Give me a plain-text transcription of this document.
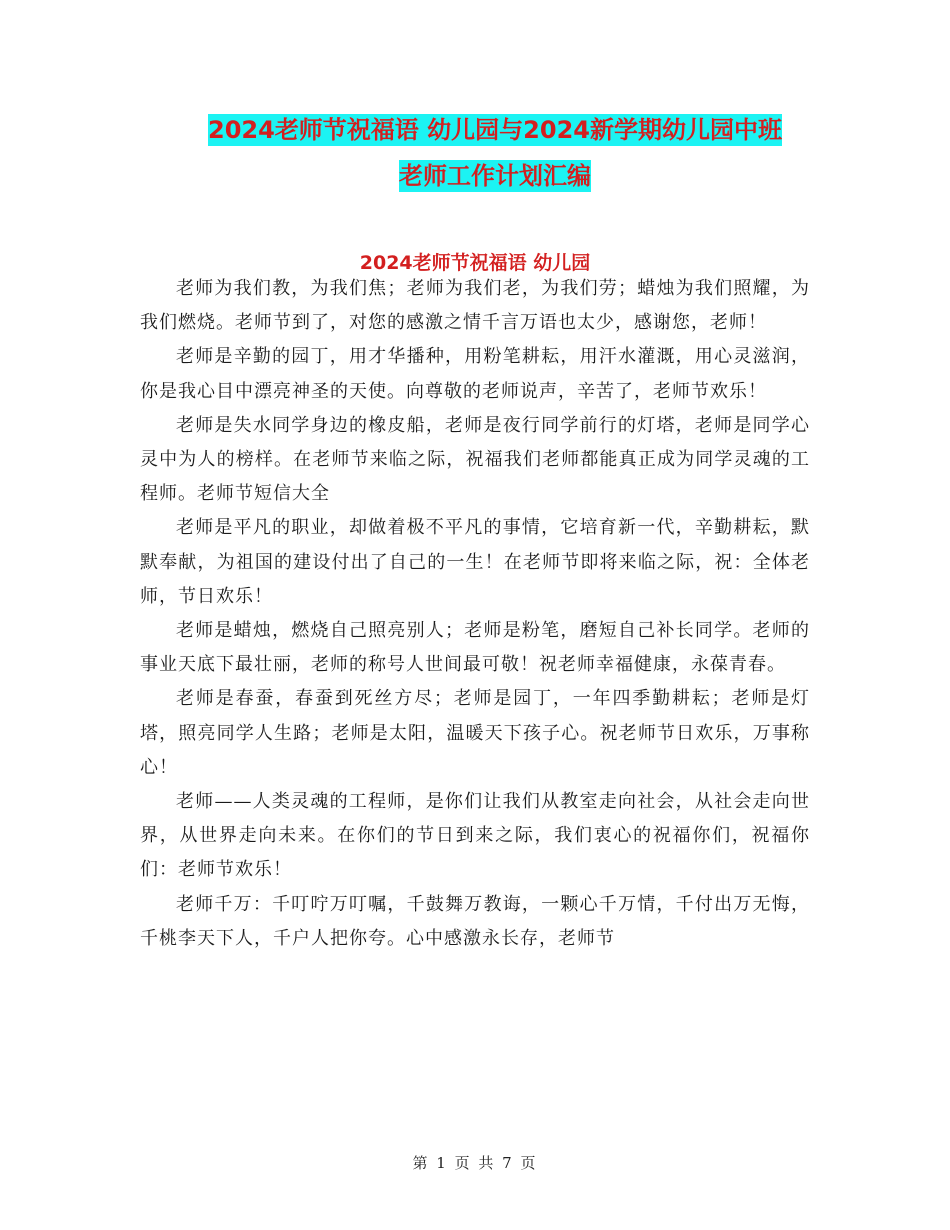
2024老师节祝福语 幼儿园与2024新学期幼儿园中班
老师工作计划汇编
2024老师节祝福语 幼儿园

老师为我们教，为我们焦；老师为我们老，为我们劳；蜡烛为我们照耀，为我们燃烧。老师节到了，对您的感激之情千言万语也太少，感谢您，老师！

老师是辛勤的园丁，用才华播种，用粉笔耕耘，用汗水灌溉，用心灵滋润，你是我心目中漂亮神圣的天使。向尊敬的老师说声，辛苦了，老师节欢乐！

老师是失水同学身边的橡皮船，老师是夜行同学前行的灯塔，老师是同学心灵中为人的榜样。在老师节来临之际，祝福我们老师都能真正成为同学灵魂的工程师。老师节短信大全

老师是平凡的职业，却做着极不平凡的事情，它培育新一代，辛勤耕耘，默默奉献，为祖国的建设付出了自己的一生！在老师节即将来临之际，祝：全体老师，节日欢乐！

老师是蜡烛，燃烧自己照亮别人；老师是粉笔，磨短自己补长同学。老师的事业天底下最壮丽，老师的称号人世间最可敬！祝老师幸福健康，永葆青春。

老师是春蚕，春蚕到死丝方尽；老师是园丁，一年四季勤耕耘；老师是灯塔，照亮同学人生路；老师是太阳，温暖天下孩子心。祝老师节日欢乐，万事称心！

老师——人类灵魂的工程师，是你们让我们从教室走向社会，从社会走向世界，从世界走向未来。在你们的节日到来之际，我们衷心的祝福你们，祝福你们：老师节欢乐！

老师千万：千叮咛万叮嘱，千鼓舞万教诲，一颗心千万情，千付出万无悔，千桃李天下人，千户人把你夸。心中感激永长存，老师节

第 1 页 共 7 页
